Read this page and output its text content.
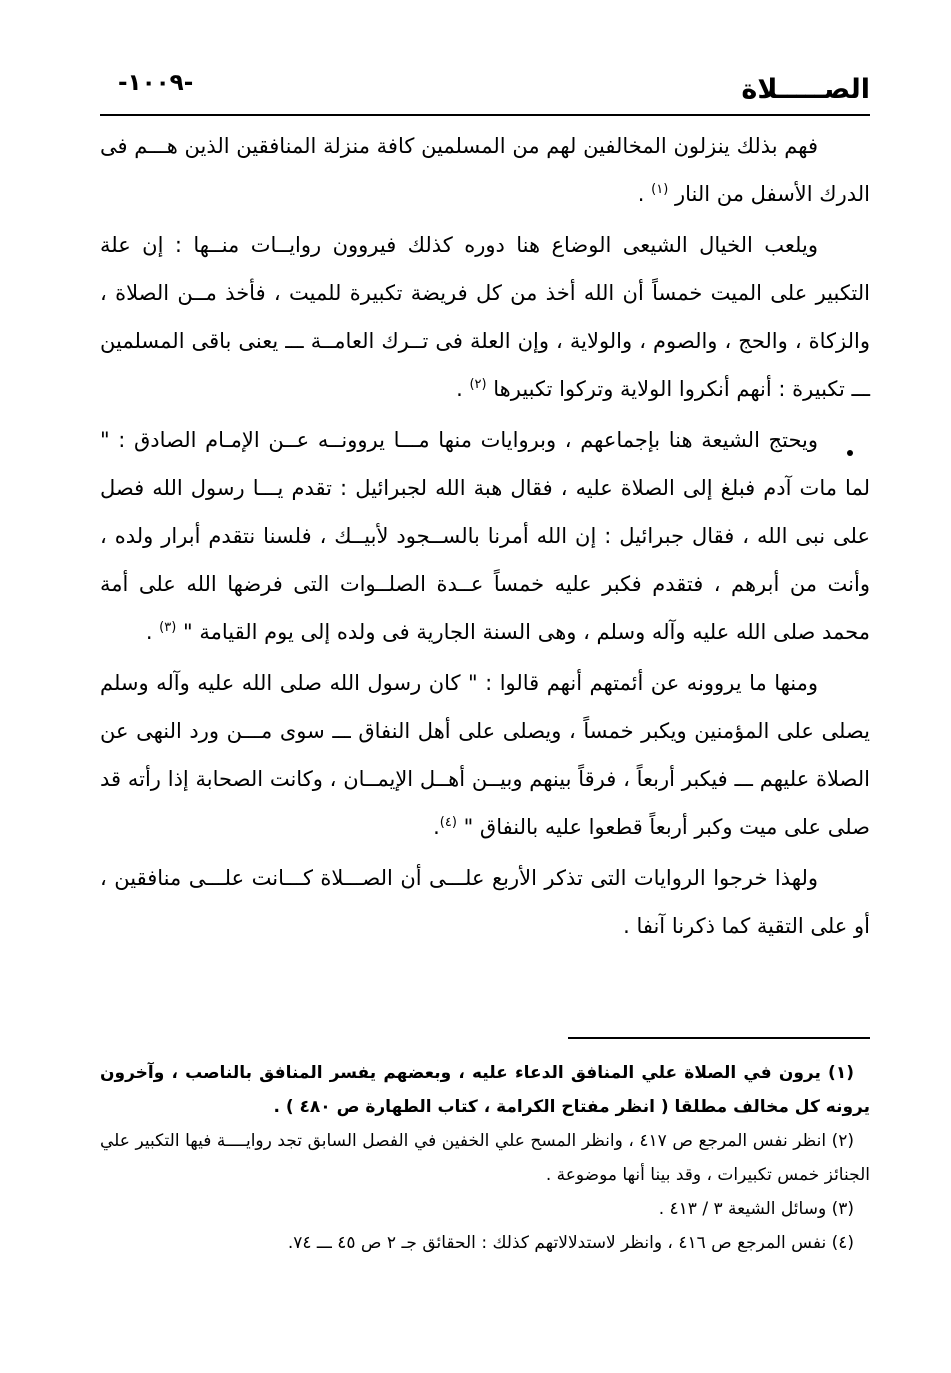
الصـــــلاة
-١٠٠٩-

فهم بذلك ينزلون المخالفين لهم من المسلمين كافة منزلة المنافقين الذين هـــم فى الدرك الأسفل من النار $^{(١)}$ .

ويلعب الخيال الشيعى الوضاع هنا دوره كذلك فيروون روايــات منــها : إن علة التكبير على الميت خمساً أن الله أخذ من كل فريضة تكبيرة للميت ، فأخذ مــن الصلاة ، والزكاة ، والحج ، والصوم ، والولاية ، وإن العلة فى تــرك العامــة ـــ يعنى باقى المسلمين ـــ تكبيرة : أنهم أنكروا الولاية وتركوا تكبيرها $^{(٢)}$ .

ويحتج الشيعة هنا بإجماعهم ، وبروايات منها مـــا يروونــه عــن الإمـام الصادق : " لما مات آدم فبلغ إلى الصلاة عليه ، فقال هبة الله لجبرائيل : تقدم يـــا رسول الله فصل على نبى الله ، فقال جبرائيل : إن الله أمرنا بالســجود لأبيــك ، فلسنا نتقدم أبرار ولده ، وأنت من أبرهم ، فتقدم فكبر عليه خمساً عــدة الصلــوات التى فرضها الله على أمة محمد صلى الله عليه وآله وسلم ، وهى السنة الجارية فى ولده إلى يوم القيامة " $^{(٣)}$ .

ومنها ما يروونه عن أئمتهم أنهم قالوا : " كان رسول الله صلى الله عليه وآله وسلم يصلى على المؤمنين ويكبر خمساً ، ويصلى على أهل النفاق ـــ سوى مـــن ورد النهى عن الصلاة عليهم ـــ فيكبر أربعاً ، فرقاً بينهم وبيــن أهــل الإيمــان ، وكانت الصحابة إذا رأته قد صلى على ميت وكبر أربعاً قطعوا عليه بالنفاق " $^{(٤)}$.

ولهذا خرجوا الروايات التى تذكر الأربع علـــى أن الصـــلاة كـــانت علـــى منافقين ، أو على التقية كما ذكرنا آنفا .

(١) يرون في الصلاة علي المنافق الدعاء عليه ، وبعضهم يفسر المنافق بالناصب ، وآخرون يرونه كل مخالف مطلقا ( انظر مفتاح الكرامة ، كتاب الطهارة ص ٤٨٠ ) .

(٢) انظر نفس المرجع ص ٤١٧ ، وانظر المسح علي الخفين في الفصل السابق تجد روايــــة فيها التكبير علي الجنائز خمس تكبيرات ، وقد بينا أنها موضوعة .

(٣) وسائل الشيعة ٣ / ٤١٣ .

(٤) نفس المرجع ص ٤١٦ ، وانظر لاستدلالاتهم كذلك : الحقائق جـ ٢ ص ٤٥ ـــ ٧٤.
